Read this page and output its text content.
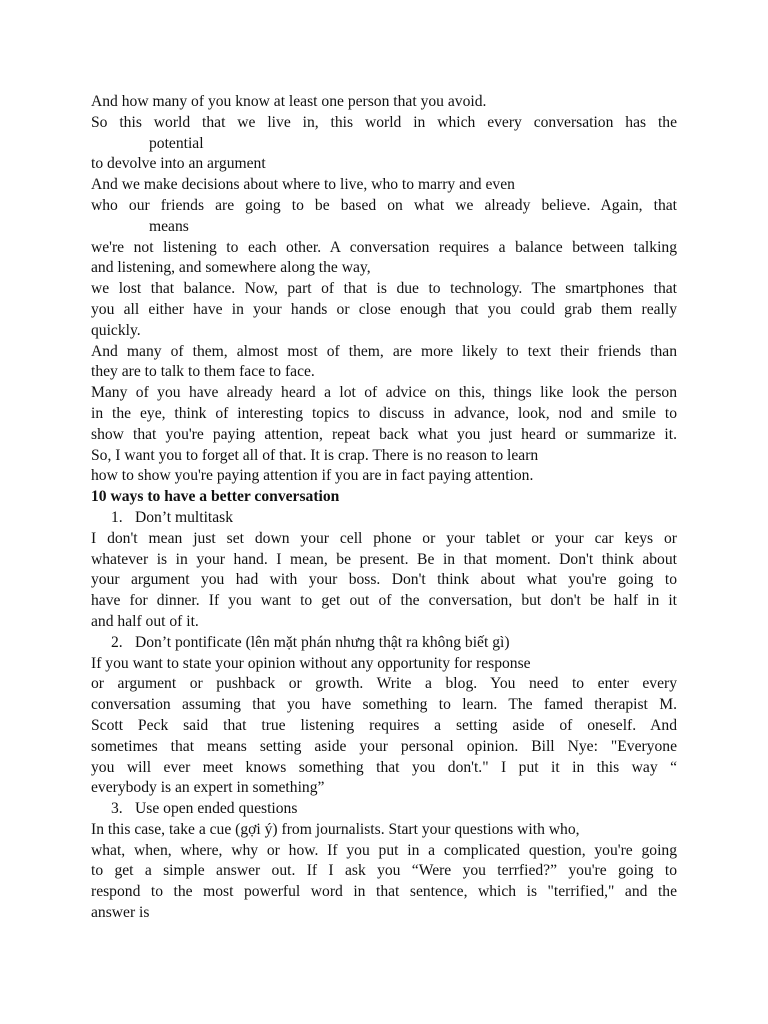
And how many of you know at least one person that you avoid.

So this world that we live in, this world in which every conversation has the

potential

to devolve into an argument

And we make decisions about where to live, who to marry and even

who our friends are going to be based on what we already believe. Again, that

means

we're not listening to each other. A conversation requires a balance between talking

and listening, and somewhere along the way,

we lost that balance. Now, part of that is due to technology. The smartphones that

you all either have in your hands or close enough that you could grab them really

quickly.

And many of them, almost most of them, are more likely to text their friends than

they are to talk to them face to face.

Many of you have already heard a lot of advice on this, things like look the person

in the eye, think of interesting topics to discuss in advance, look, nod and smile to

show that you're paying attention, repeat back what you just heard or summarize it.

So, I want you to forget all of that. It is crap. There is no reason to learn

how to show you're paying attention if you are in fact paying attention.

10 ways to have a better conversation

1. Don’t multitask

I don't mean just set down your cell phone or your tablet or your car keys or

whatever is in your hand. I mean, be present. Be in that moment. Don't think about

your argument you had with your boss. Don't think about what you're going to

have for dinner. If you want to get out of the conversation, but don't be half in it

and half out of it.

2. Don’t pontificate (lên mặt phán nhưng thật ra không biết gì)

If you want to state your opinion without any opportunity for response

or argument or pushback or growth. Write a blog. You need to enter every

conversation assuming that you have something to learn. The famed therapist M.

Scott Peck said that true listening requires a setting aside of oneself. And

sometimes that means setting aside your personal opinion. Bill Nye: "Everyone

you will ever meet knows something that you don't." I put it in this way “

everybody is an expert in something”

3. Use open ended questions

In this case, take a cue (gợi ý) from journalists. Start your questions with who,

what, when, where, why or how. If you put in a complicated question, you're going

to get a simple answer out. If I ask you “Were you terrfied?” you're going to

respond to the most powerful word in that sentence, which is "terrified," and the

answer is
